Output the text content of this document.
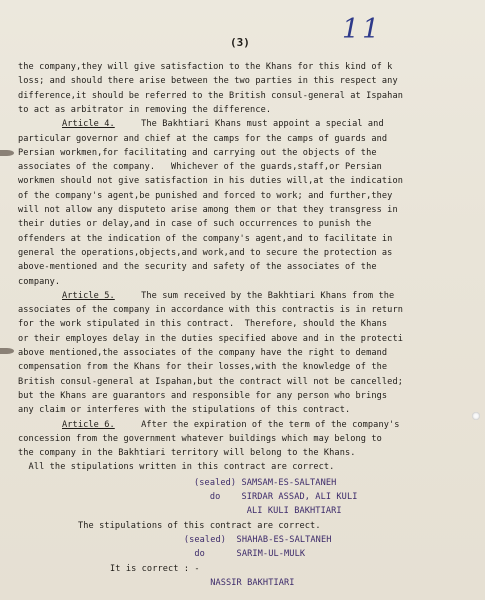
11
(3)
the company,they will give satisfaction to the Khans for this kind of k
loss; and should there arise between the two parties in this respect any
difference,it should be referred to the British consul-general at Ispahan
to act as arbitrator in removing the difference.
Article 4.     The Bakhtiari Khans must appoint a special and
particular governor and chief at the camps for the camps of guards and
Persian workmen,for facilitating and carrying out the objects of the
associates of the company.   Whichever of the guards,staff,or Persian
workmen should not give satisfaction in his duties will,at the indication
of the company's agent,be punished and forced to work; and further,they
will not allow any disputeto arise among them or that they transgress in
their duties or delay,and in case of such occurrences to punish the
offenders at the indication of the company's agent,and to facilitate in
general the operations,objects,and work,and to secure the protection as
above-mentioned and the security and safety of the associates of the
company.
Article 5.     The sum received by the Bakhtiari Khans from the
associates of the company in accordance with this contractis is in return
for the work stipulated in this contract.  Therefore, should the Khans
or their employes delay in the duties specified above and in the protecti
above mentioned,the associates of the company have the right to demand
compensation from the Khans for their losses,with the knowledge of the
British consul-general at Ispahan,but the contract will not be cancelled;
but the Khans are guarantors and responsible for any person who brings
any claim or interferes with the stipulations of this contract.
Article 6.     After the expiration of the term of the company's
concession from the government whatever buildings which may belong to
the company in the Bakhtiari territory will belong to the Khans.
All the stipulations written in this contract are correct.
(sealed) SAMSAM-ES-SALTANEH
do    SIRDAR ASSAD, ALI KULI
ALI KULI BAKHTIARI
The stipulations of this contract are correct.
(sealed)  SHAHAB-ES-SALTANEH
do      SARIM-UL-MULK
It is correct : -
NASSIR BAKHTIARI
